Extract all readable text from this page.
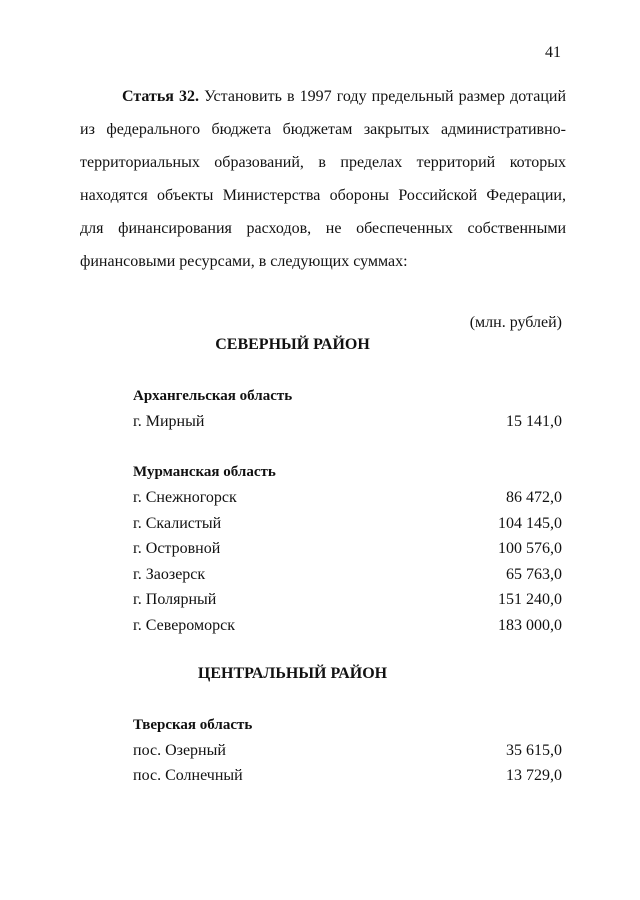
41

Статья 32. Установить в 1997 году предельный размер дотаций из федерального бюджета бюджетам закрытых административно-территориальных образований, в пределах территорий которых находятся объекты Министерства обороны Российской Федерации, для финансирования расходов, не обеспеченных собственными финансовыми ресурсами, в следующих суммах:

(млн. рублей)
СЕВЕРНЫЙ РАЙОН
Архангельская область
г. Мирный	15 141,0
Мурманская область
г. Снежногорск	86 472,0
г. Скалистый	104 145,0
г. Островной	100 576,0
г. Заозерск	65 763,0
г. Полярный	151 240,0
г. Североморск	183 000,0
ЦЕНТРАЛЬНЫЙ РАЙОН
Тверская область
пос. Озерный	35 615,0
пос. Солнечный	13 729,0
